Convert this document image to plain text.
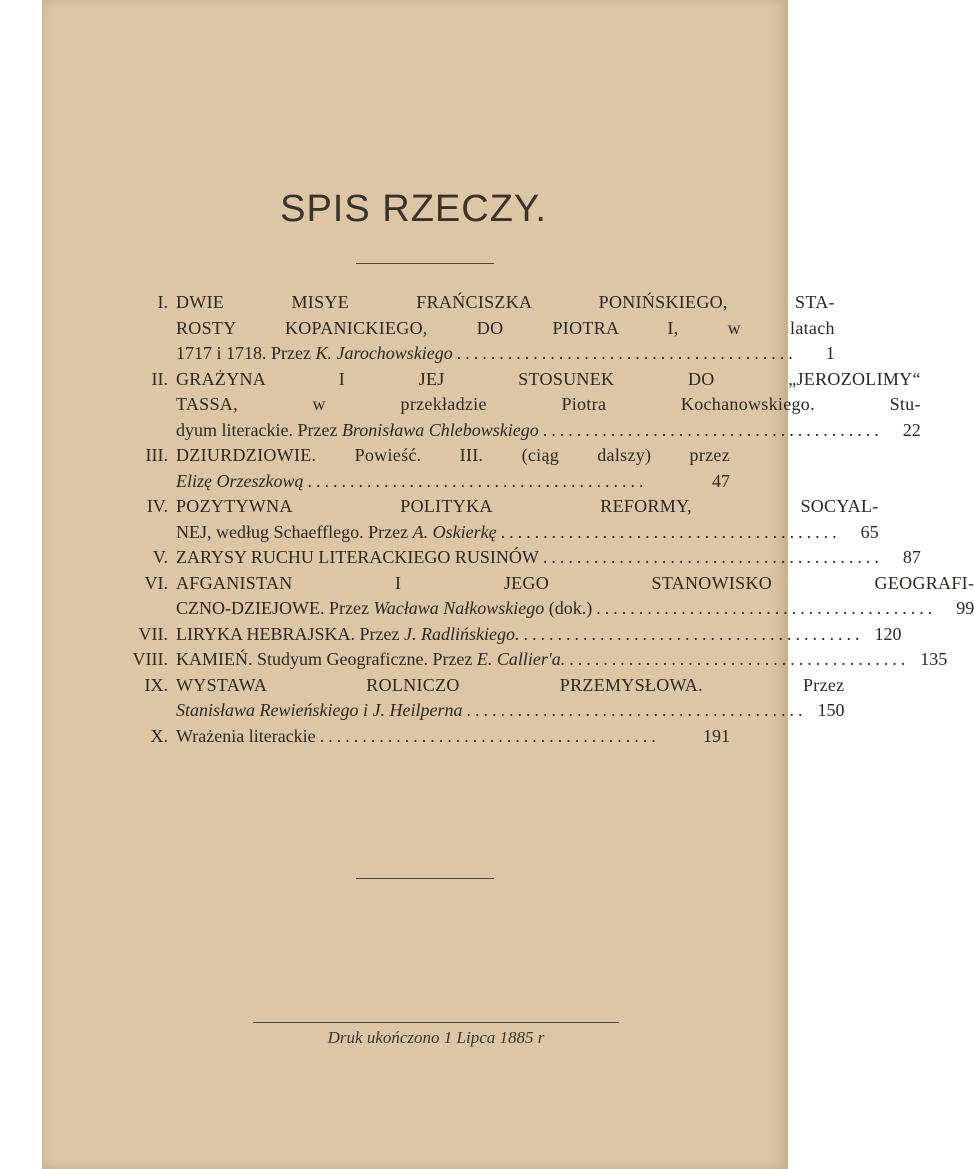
SPIS RZECZY.
I. DWIE MISYE FRAŃCISZKA PONIŃSKIEGO, STA-
ROSTY KOPANICKIEGO, DO PIOTRA I, w latach
1717 i 1718. Przez K. Jarochowskiego ........................................	1
II. GRAŻYNA I JEJ STOSUNEK DO „JEROZOLIMY“
TASSA, w przekładzie Piotra Kochanowskiego. Stu-
dyum literackie. Przez Bronisława Chlebowskiego ........................................	22
III. DZIURDZIOWIE. Powieść. III. (ciąg dalszy) przez
Elizę Orzeszkową ........................................	47
IV. POZYTYWNA POLITYKA REFORMY, SOCYAL-
NEJ, według Schaefflego. Przez A. Oskierkę ........................................	65
V. ZARYSY RUCHU LITERACKIEGO RUSINÓW ........................................	87
VI. AFGANISTAN I JEGO STANOWISKO GEOGRAFI-
CZNO-DZIEJOWE. Przez Wacława Nałkowskiego (dok.) ........................................	99
VII. LIRYKA HEBRAJSKA. Przez J. Radlińskiego. ........................................ 120
VIII. KAMIEŃ. Studyum Geograficzne. Przez E. Callier'a. ........................................ 135
IX. WYSTAWA ROLNICZO PRZEMYSŁOWA. Przez
Stanisława Rewieńskiego i J. Heilperna ........................................ 150
X. Wrażenia literackie ........................................	191
Druk ukończono 1 Lipca 1885 r
